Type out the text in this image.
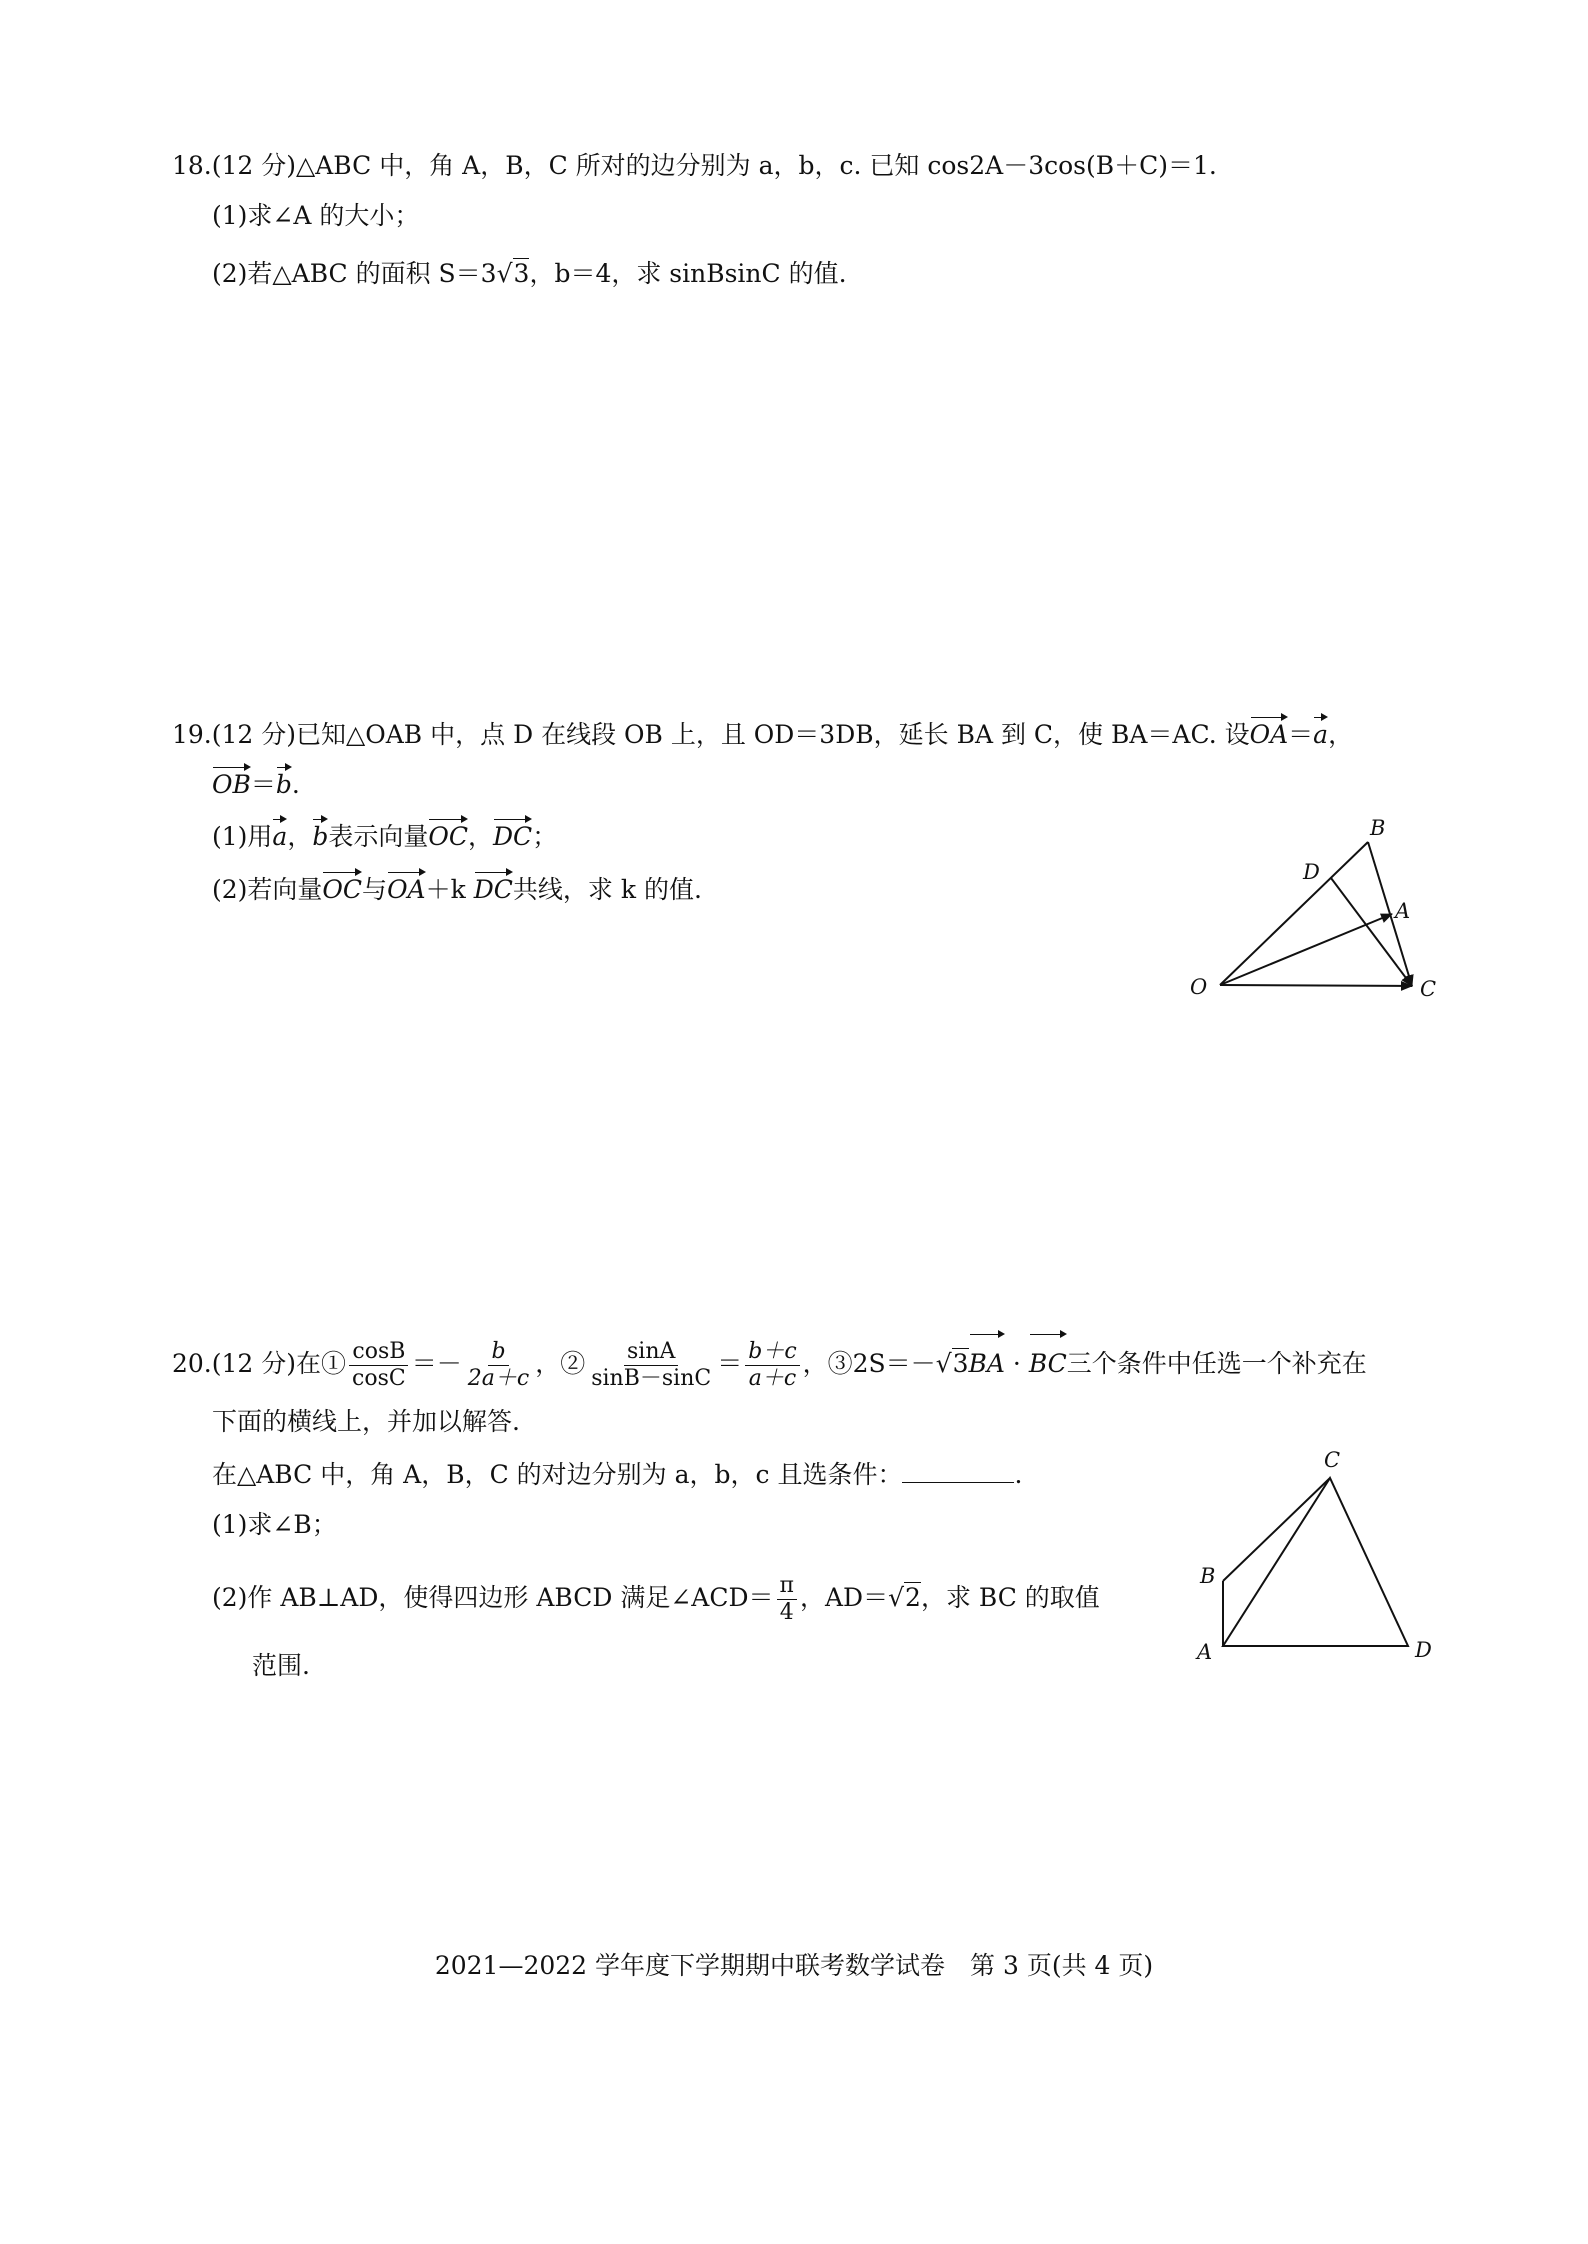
18.(12 分)△ABC 中，角 A，B，C 所对的边分别为 a，b，c. 已知 cos2A－3cos(B＋C)＝1.
(1)求∠A 的大小；
(2)若△ABC 的面积 S＝3√3，b＝4，求 sinBsinC 的值.
19.(12 分)已知△OAB 中，点 D 在线段 OB 上，且 OD＝3DB，延长 BA 到 C，使 BA＝AC. 设OA＝a，
OB＝b.
(1)用a，b表示向量OC，DC；
(2)若向量OC与OA＋k DC共线，求 k 的值.
B
D
A
O	C
20.(12 分)在① $\frac{\cos B}{\cos C} =- \frac{b}{2a+c}$ ，② $\frac{\sin A}{\sin B-\sin C} = \frac{b+c}{a+c}$ ，③2S＝－√3BA · BC三个条件中任选一个补充在
下面的横线上，并加以解答.
在△ABC 中，角 A，B，C 的对边分别为 a，b，c 且选条件：	.
(1)求∠B；
(2)作 AB⊥AD，使得四边形 ABCD 满足∠ACD＝ $\frac{\pi}{4}$ ，AD＝√2，求 BC 的取值
范围.
C
B
A	D
2021—2022 学年度下学期期中联考数学试卷　第 3 页(共 4 页)
